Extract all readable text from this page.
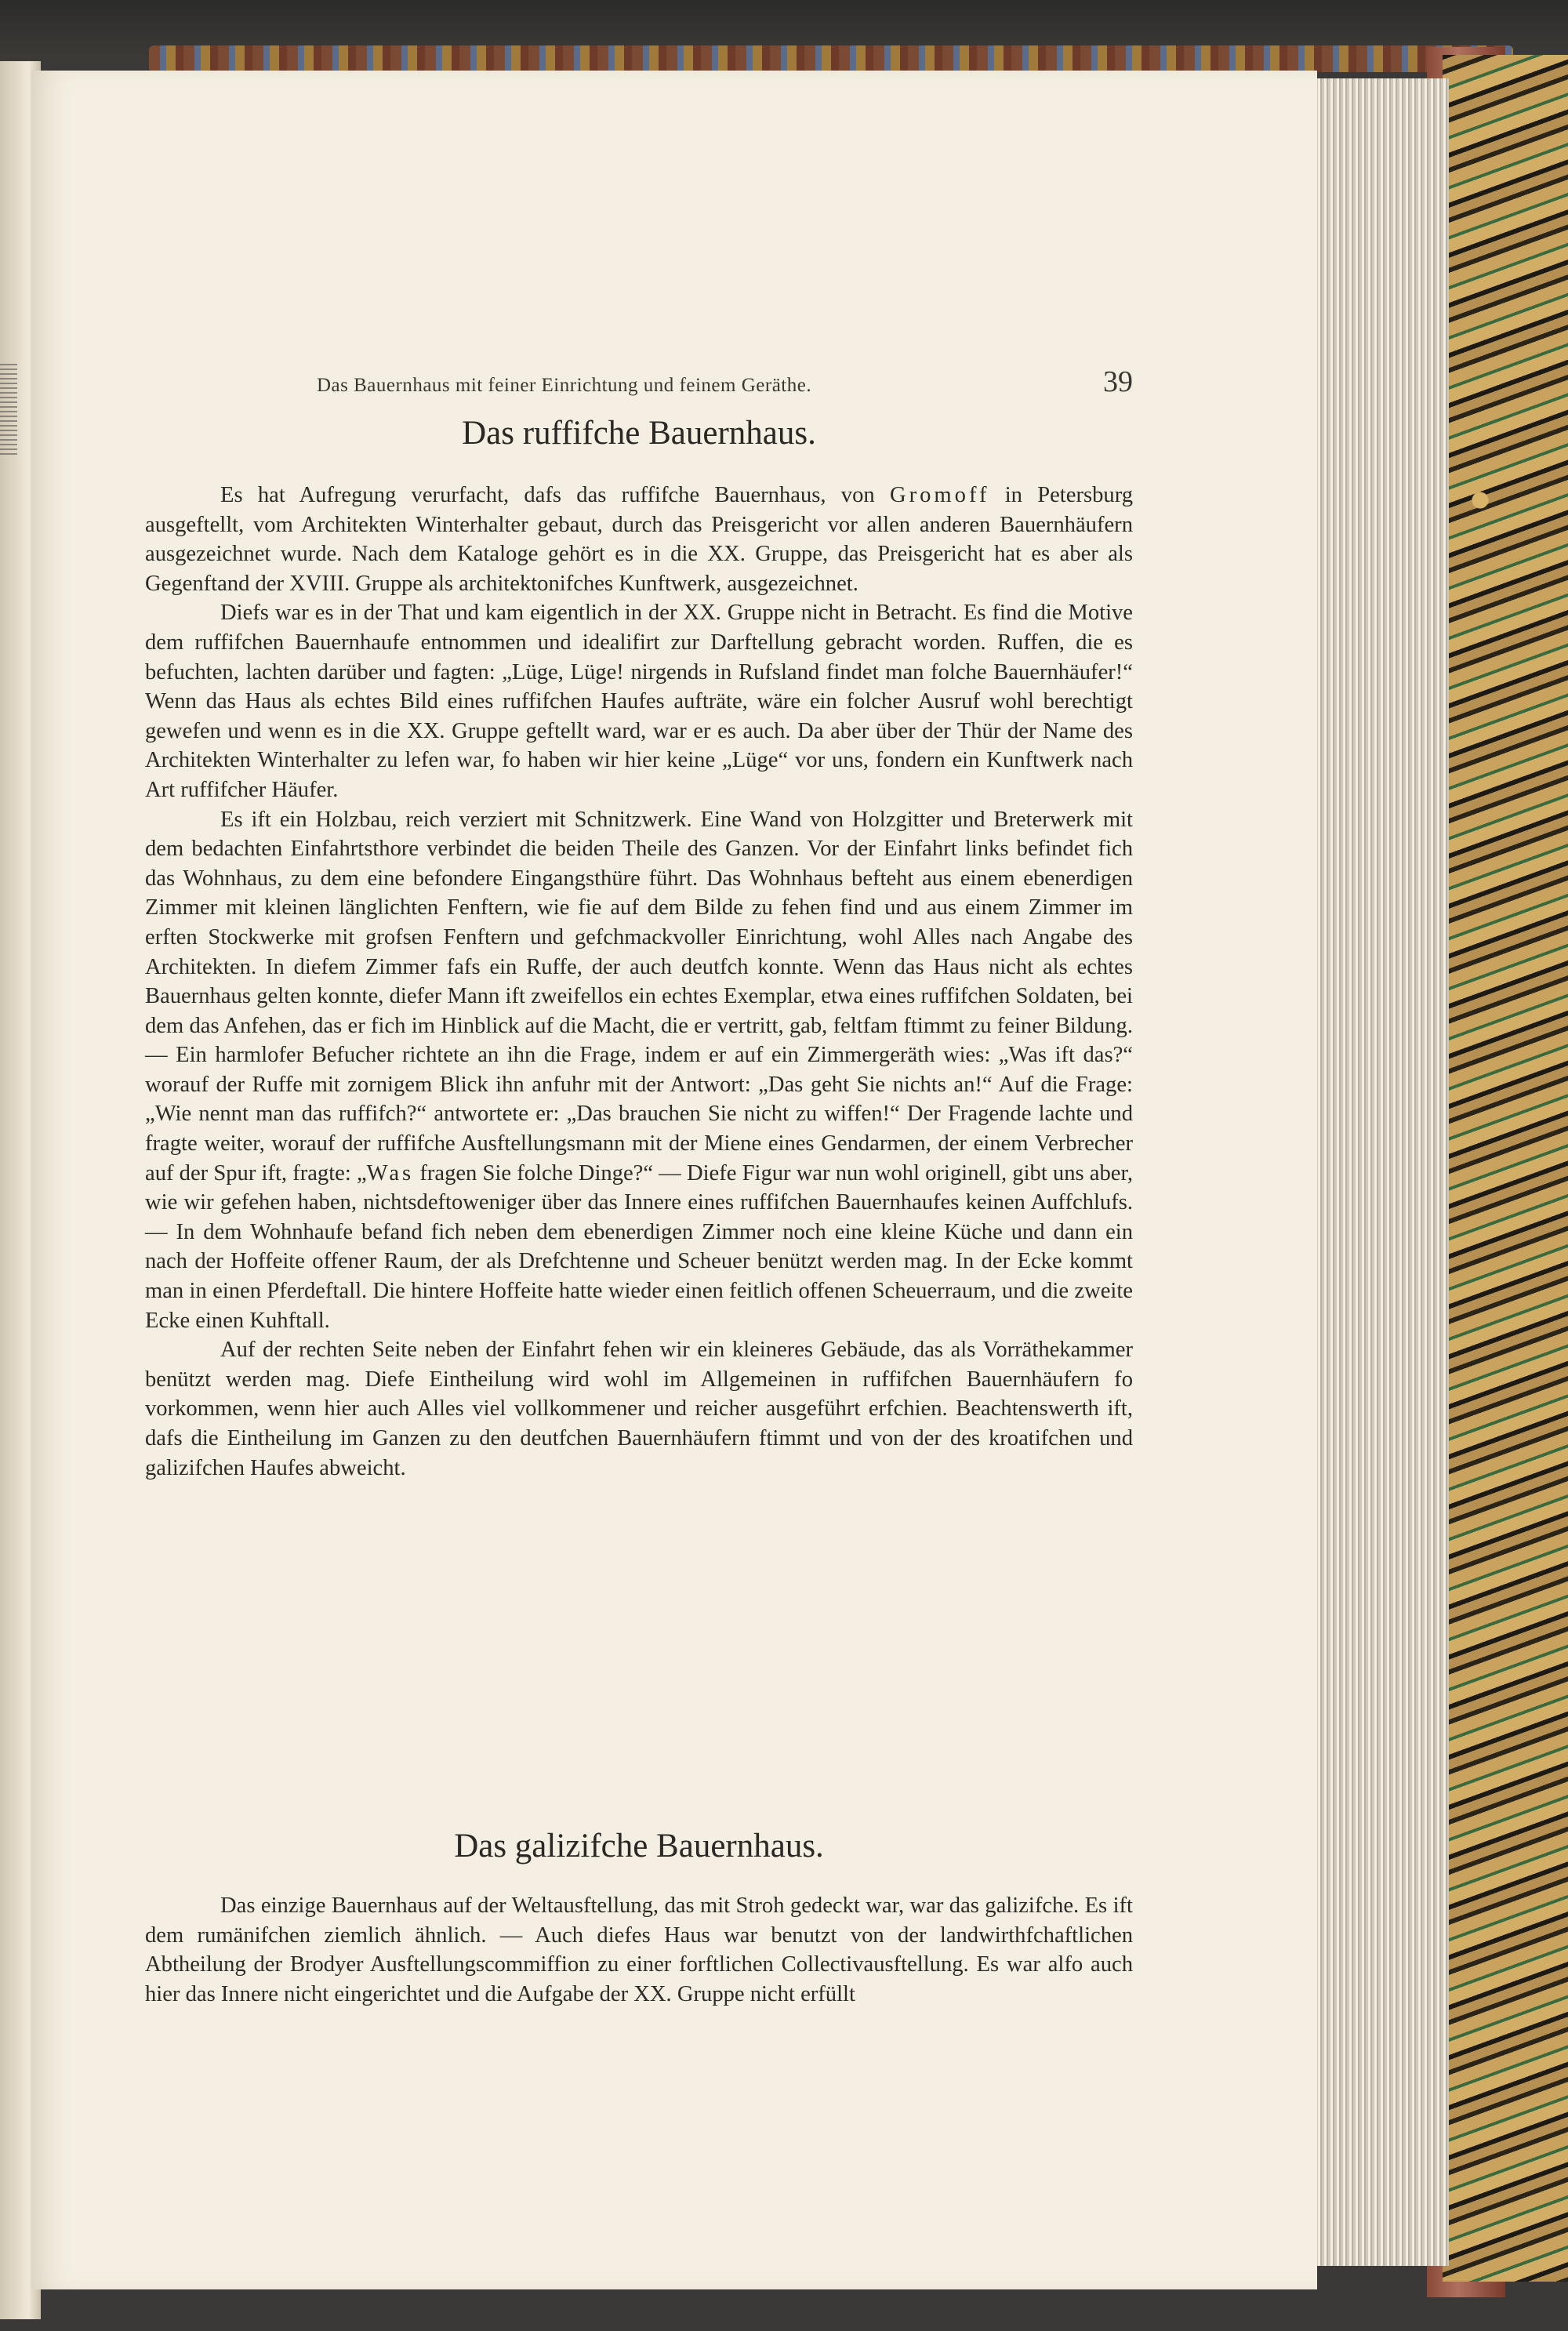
Das Bauernhaus mit feiner Einrichtung und feinem Geräthe.	39
Das ruffifche Bauernhaus.

Es hat Aufregung verurfacht, dafs das ruffifche Bauernhaus, von Gromoff in Petersburg ausgeftellt, vom Architekten Winterhalter gebaut, durch das Preisgericht vor allen anderen Bauernhäufern ausgezeichnet wurde. Nach dem Kataloge gehört es in die XX. Gruppe, das Preisgericht hat es aber als Gegenftand der XVIII. Gruppe als architektonifches Kunftwerk, ausgezeichnet.

Diefs war es in der That und kam eigentlich in der XX. Gruppe nicht in Betracht. Es find die Motive dem ruffifchen Bauernhaufe entnommen und idealifirt zur Darftellung gebracht worden. Ruffen, die es befuchten, lachten darüber und fagten: „Lüge, Lüge! nirgends in Rufsland findet man folche Bauernhäufer!“ Wenn das Haus als echtes Bild eines ruffifchen Haufes aufträte, wäre ein folcher Ausruf wohl berechtigt gewefen und wenn es in die XX. Gruppe geftellt ward, war er es auch. Da aber über der Thür der Name des Architekten Winterhalter zu lefen war, fo haben wir hier keine „Lüge“ vor uns, fondern ein Kunftwerk nach Art ruffifcher Häufer.

Es ift ein Holzbau, reich verziert mit Schnitzwerk. Eine Wand von Holzgitter und Breterwerk mit dem bedachten Einfahrtsthore verbindet die beiden Theile des Ganzen. Vor der Einfahrt links befindet fich das Wohnhaus, zu dem eine befondere Eingangsthüre führt. Das Wohnhaus befteht aus einem ebenerdigen Zimmer mit kleinen länglichten Fenftern, wie fie auf dem Bilde zu fehen find und aus einem Zimmer im erften Stockwerke mit grofsen Fenftern und gefchmackvoller Einrichtung, wohl Alles nach Angabe des Architekten. In diefem Zimmer fafs ein Ruffe, der auch deutfch konnte. Wenn das Haus nicht als echtes Bauernhaus gelten konnte, diefer Mann ift zweifellos ein echtes Exemplar, etwa eines ruffifchen Soldaten, bei dem das Anfehen, das er fich im Hinblick auf die Macht, die er vertritt, gab, feltfam ftimmt zu feiner Bildung. — Ein harmlofer Befucher richtete an ihn die Frage, indem er auf ein Zimmergeräth wies: „Was ift das?“ worauf der Ruffe mit zornigem Blick ihn anfuhr mit der Antwort: „Das geht Sie nichts an!“ Auf die Frage: „Wie nennt man das ruffifch?“ antwortete er: „Das brauchen Sie nicht zu wiffen!“ Der Fragende lachte und fragte weiter, worauf der ruffifche Ausftellungsmann mit der Miene eines Gendarmen, der einem Verbrecher auf der Spur ift, fragte: „Was fragen Sie folche Dinge?“ — Diefe Figur war nun wohl originell, gibt uns aber, wie wir gefehen haben, nichtsdeftoweniger über das Innere eines ruffifchen Bauernhaufes keinen Auffchlufs. — In dem Wohnhaufe befand fich neben dem ebenerdigen Zimmer noch eine kleine Küche und dann ein nach der Hoffeite offener Raum, der als Drefchtenne und Scheuer benützt werden mag. In der Ecke kommt man in einen Pferdeftall. Die hintere Hoffeite hatte wieder einen feitlich offenen Scheuerraum, und die zweite Ecke einen Kuhftall.

Auf der rechten Seite neben der Einfahrt fehen wir ein kleineres Gebäude, das als Vorräthekammer benützt werden mag. Diefe Eintheilung wird wohl im Allgemeinen in ruffifchen Bauernhäufern fo vorkommen, wenn hier auch Alles viel vollkommener und reicher ausgeführt erfchien. Beachtenswerth ift, dafs die Eintheilung im Ganzen zu den deutfchen Bauernhäufern ftimmt und von der des kroatifchen und galizifchen Haufes abweicht.

Das galizifche Bauernhaus.

Das einzige Bauernhaus auf der Weltausftellung, das mit Stroh gedeckt war, war das galizifche. Es ift dem rumänifchen ziemlich ähnlich. — Auch diefes Haus war benutzt von der landwirthfchaftlichen Abtheilung der Brodyer Ausftellungscommiffion zu einer forftlichen Collectivausftellung. Es war alfo auch hier das Innere nicht eingerichtet und die Aufgabe der XX. Gruppe nicht erfüllt
